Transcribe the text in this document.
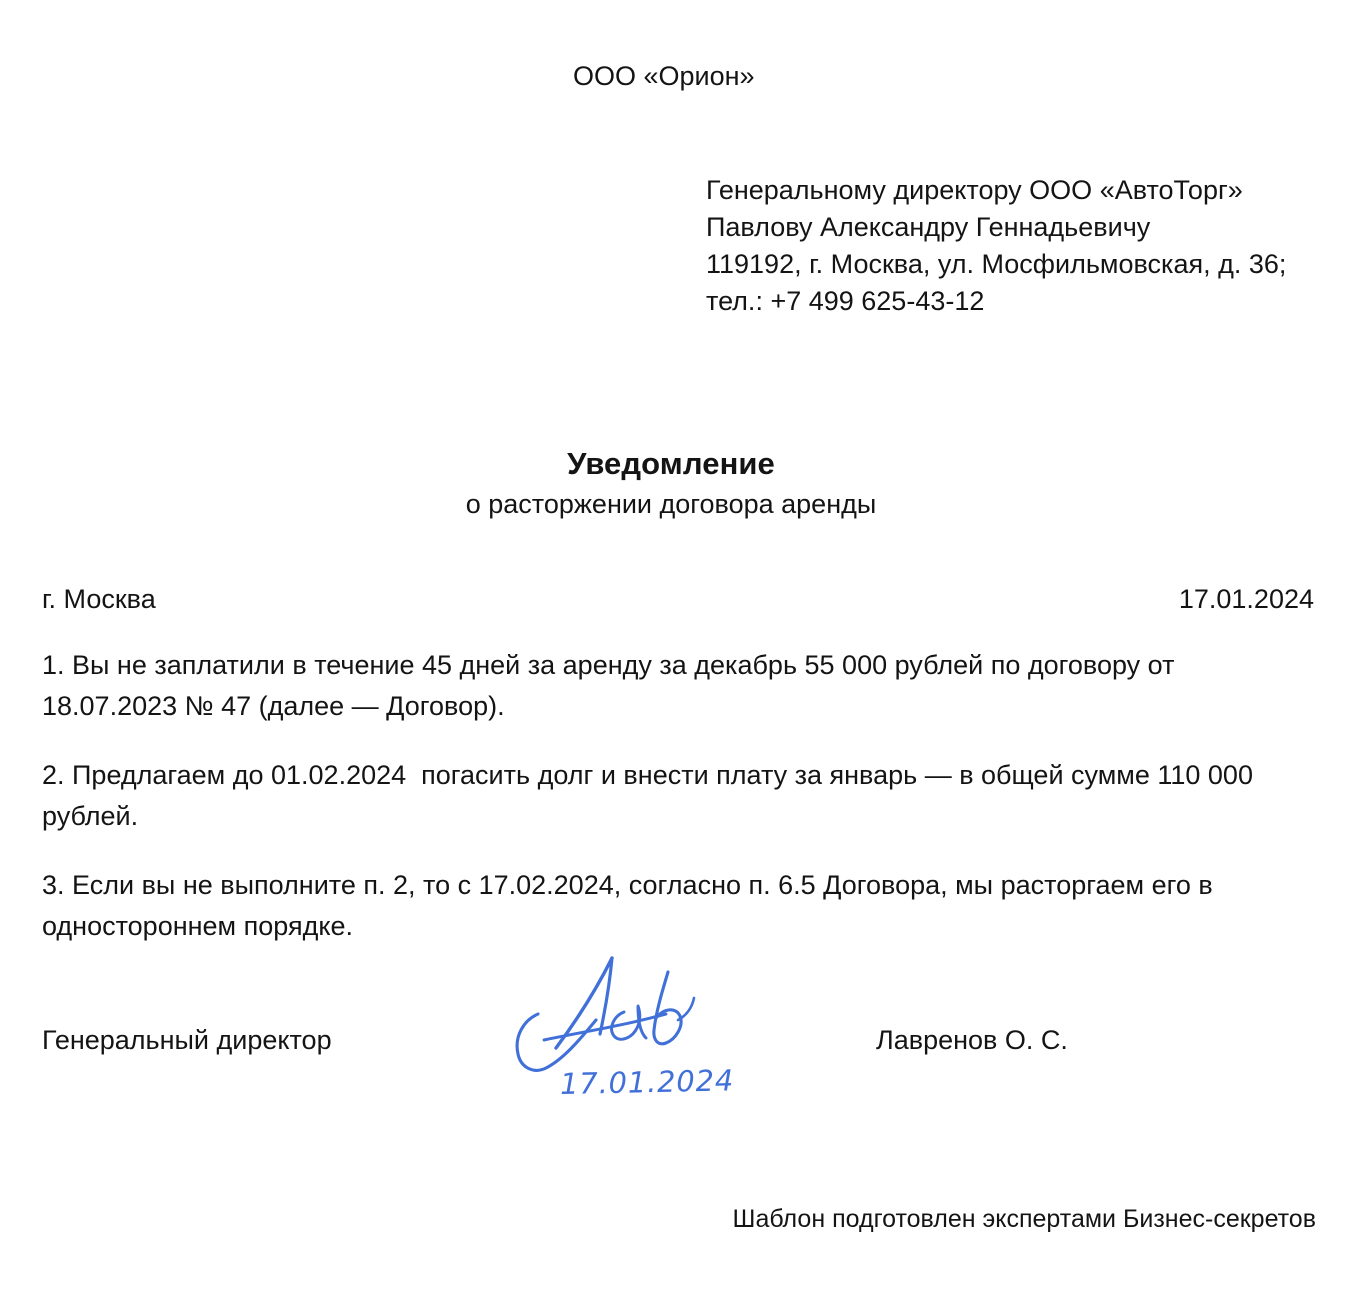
ООО «Орион»
Генеральному директору ООО «АвтоТорг»
Павлову Александру Геннадьевичу
119192, г. Москва, ул. Мосфильмовская, д. 36;
тел.: +7 499 625-43-12
Уведомление
о расторжении договора аренды
г. Москва	17.01.2024

1. Вы не заплатили в течение 45 дней за аренду за декабрь 55 000 рублей по договору от 18.07.2023 № 47 (далее — Договор).

2. Предлагаем до 01.02.2024  погасить долг и внести плату за январь — в общей сумме 110 000 рублей.

3. Если вы не выполните п. 2, то с 17.02.2024, согласно п. 6.5 Договора, мы расторгаем его в одностороннем порядке.

17.01.2024
Генеральный директор	Лавренов О. С.
Шаблон подготовлен экспертами Бизнес-секретов
